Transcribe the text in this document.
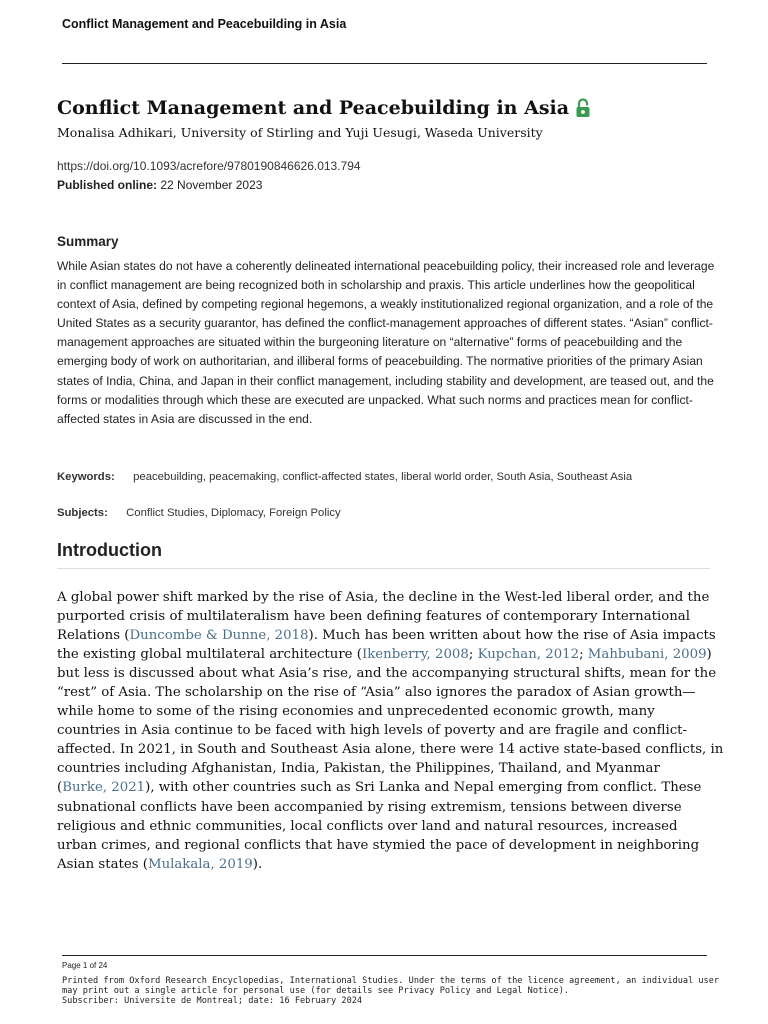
Conflict Management and Peacebuilding in Asia
Conflict Management and Peacebuilding in Asia
Monalisa Adhikari, University of Stirling and Yuji Uesugi, Waseda University
https://doi.org/10.1093/acrefore/9780190846626.013.794
Published online: 22 November 2023
Summary

While Asian states do not have a coherently delineated international peacebuilding policy, their increased role and leverage in conflict management are being recognized both in scholarship and praxis. This article underlines how the geopolitical context of Asia, defined by competing regional hegemons, a weakly institutionalized regional organization, and a role of the United States as a security guarantor, has defined the conflict-management approaches of different states. “Asian” conflict-management approaches are situated within the burgeoning literature on “alternative” forms of peacebuilding and the emerging body of work on authoritarian, and illiberal forms of peacebuilding. The normative priorities of the primary Asian states of India, China, and Japan in their conflict management, including stability and development, are teased out, and the forms or modalities through which these are executed are unpacked. What such norms and practices mean for conflict-affected states in Asia are discussed in the end.

Keywords: peacebuilding, peacemaking, conflict-affected states, liberal world order, South Asia, Southeast Asia
Subjects: Conflict Studies, Diplomacy, Foreign Policy
Introduction
A global power shift marked by the rise of Asia, the decline in the West-led liberal order, and the
purported crisis of multilateralism have been defining features of contemporary International
Relations (Duncombe & Dunne, 2018). Much has been written about how the rise of Asia impacts
the existing global multilateral architecture (Ikenberry, 2008; Kupchan, 2012; Mahbubani, 2009)
but less is discussed about what Asia’s rise, and the accompanying structural shifts, mean for the
“rest” of Asia. The scholarship on the rise of “Asia” also ignores the paradox of Asian growth—
while home to some of the rising economies and unprecedented economic growth, many
countries in Asia continue to be faced with high levels of poverty and are fragile and conflict-
affected. In 2021, in South and Southeast Asia alone, there were 14 active state-based conflicts, in
countries including Afghanistan, India, Pakistan, the Philippines, Thailand, and Myanmar
(Burke, 2021), with other countries such as Sri Lanka and Nepal emerging from conflict. These
subnational conflicts have been accompanied by rising extremism, tensions between diverse
religious and ethnic communities, local conflicts over land and natural resources, increased
urban crimes, and regional conflicts that have stymied the pace of development in neighboring
Asian states (Mulakala, 2019).
Page 1 of 24
Printed from Oxford Research Encyclopedias, International Studies. Under the terms of the licence agreement, an individual user
may print out a single article for personal use (for details see Privacy Policy and Legal Notice).
Subscriber: Universite de Montreal; date: 16 February 2024
